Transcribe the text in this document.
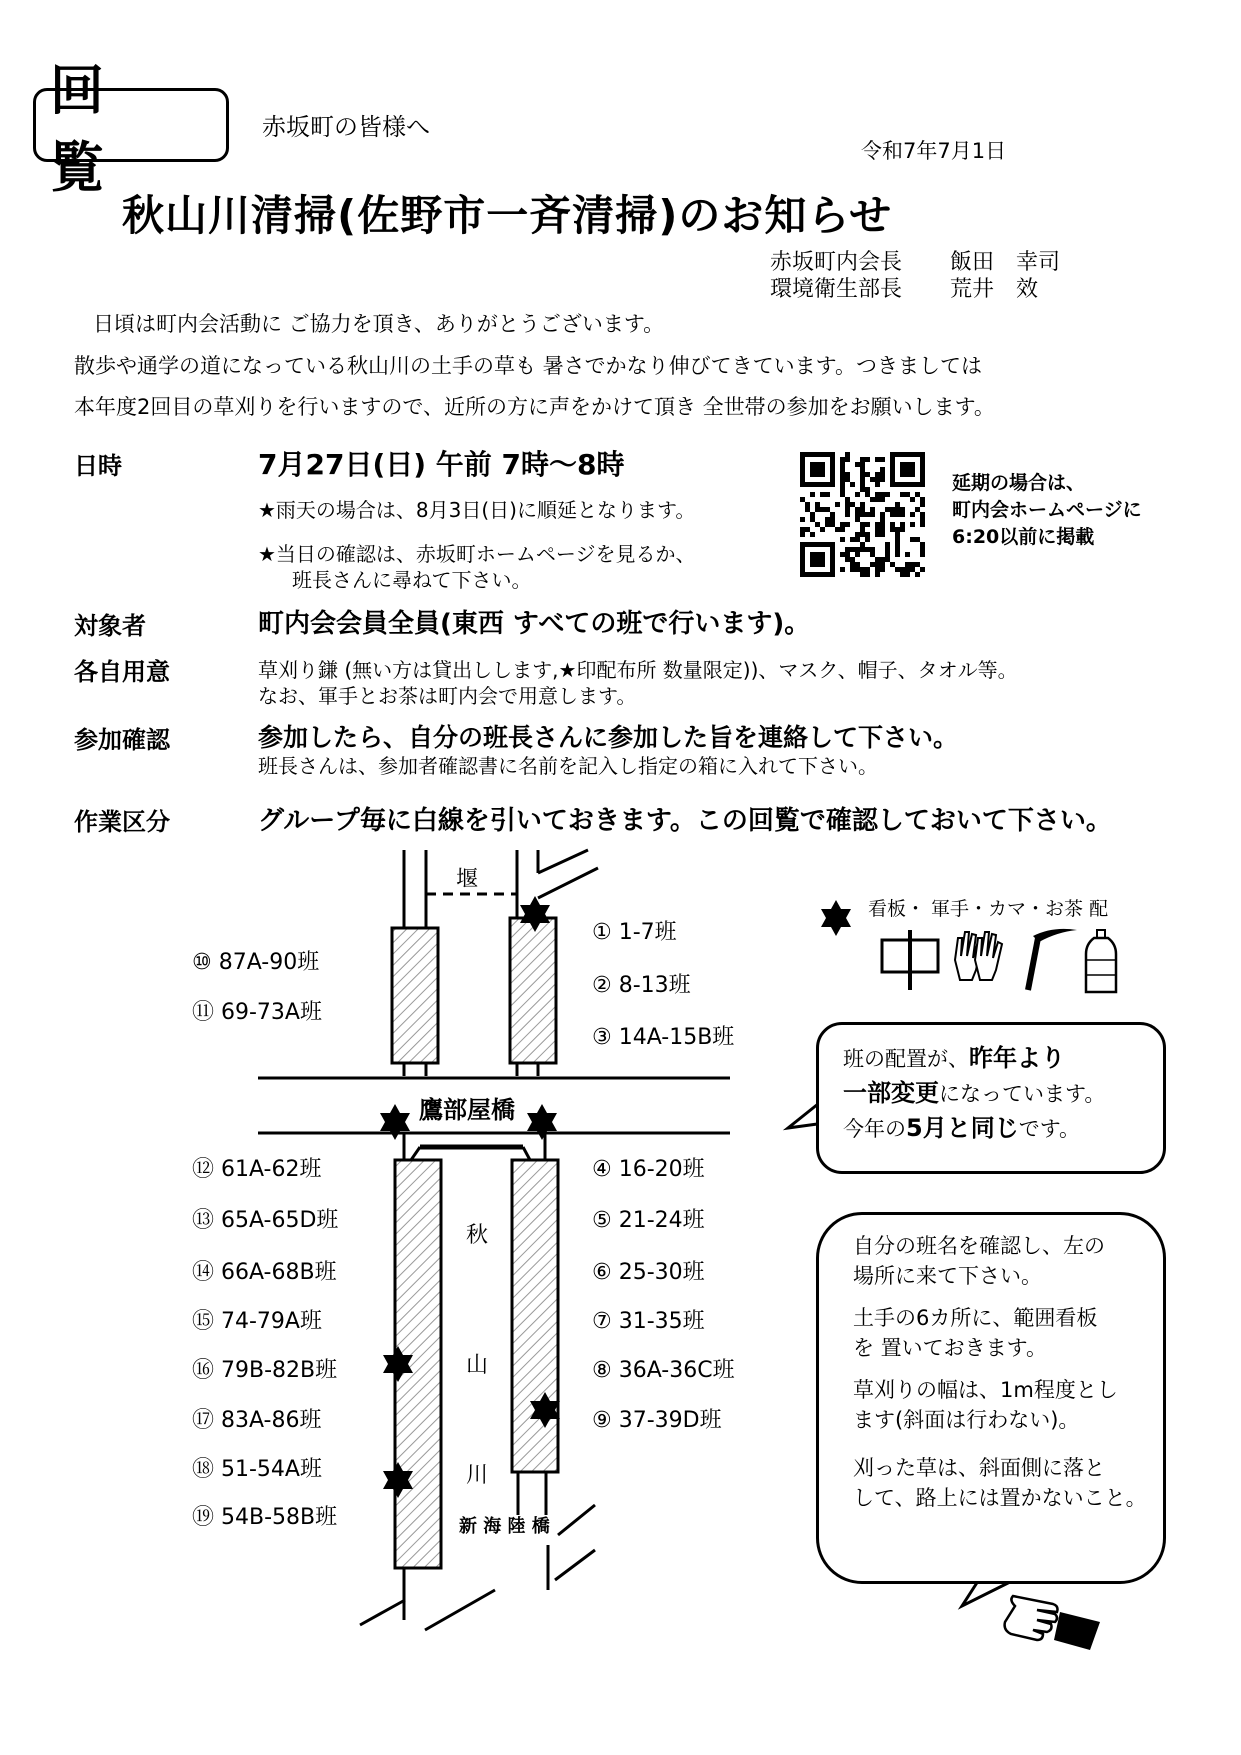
回 覧
赤坂町の皆様へ
令和7年7月1日
秋山川清掃(佐野市一斉清掃)のお知らせ
赤坂町内会長 飯田　幸司
環境衛生部長 荒井　效
日頃は町内会活動に ご協力を頂き、ありがとうございます。
散歩や通学の道になっている秋山川の土手の草も 暑さでかなり伸びてきています。つきましては
本年度2回目の草刈りを行いますので、近所の方に声をかけて頂き 全世帯の参加をお願いします。
日時	7月27日(日) 午前 7時〜8時
★雨天の場合は、8月3日(日)に順延となります。
★当日の確認は、赤坂町ホームページを見るか、
班長さんに尋ねて下さい。
延期の場合は、
町内会ホームページに
6:20以前に掲載
対象者	町内会会員全員(東西 すべての班で行います)。
各自用意	草刈り鎌 (無い方は貸出しします,★印配布所 数量限定))、マスク、帽子、タオル等。
なお、軍手とお茶は町内会で用意します。
参加確認	参加したら、自分の班長さんに参加した旨を連絡して下さい。
班長さんは、参加者確認書に名前を記入し指定の箱に入れて下さい。
作業区分	グループ毎に白線を引いておきます。この回覧で確認しておいて下さい。
堰
鷹部屋橋
秋
山
川
新 海 陸 橋
看板・ 軍手・カマ・お茶 配
⑩ 87A-90班
⑪ 69-73A班
① 1-7班
② 8-13班
③ 14A-15B班
⑫ 61A-62班
⑬ 65A-65D班
⑭ 66A-68B班
⑮ 74-79A班
⑯ 79B-82B班
⑰ 83A-86班
⑱ 51-54A班
⑲ 54B-58B班
④ 16-20班
⑤ 21-24班
⑥ 25-30班
⑦ 31-35班
⑧ 36A-36C班
⑨ 37-39D班

班の配置が、昨年より

一部変更になっています。

今年の5月と同じです。

自分の班名を確認し、左の

場所に来て下さい。

土手の6カ所に、範囲看板

を 置いておきます。

草刈りの幅は、1m程度とし

ます(斜面は行わない)。

刈った草は、斜面側に落と

して、路上には置かないこと。
